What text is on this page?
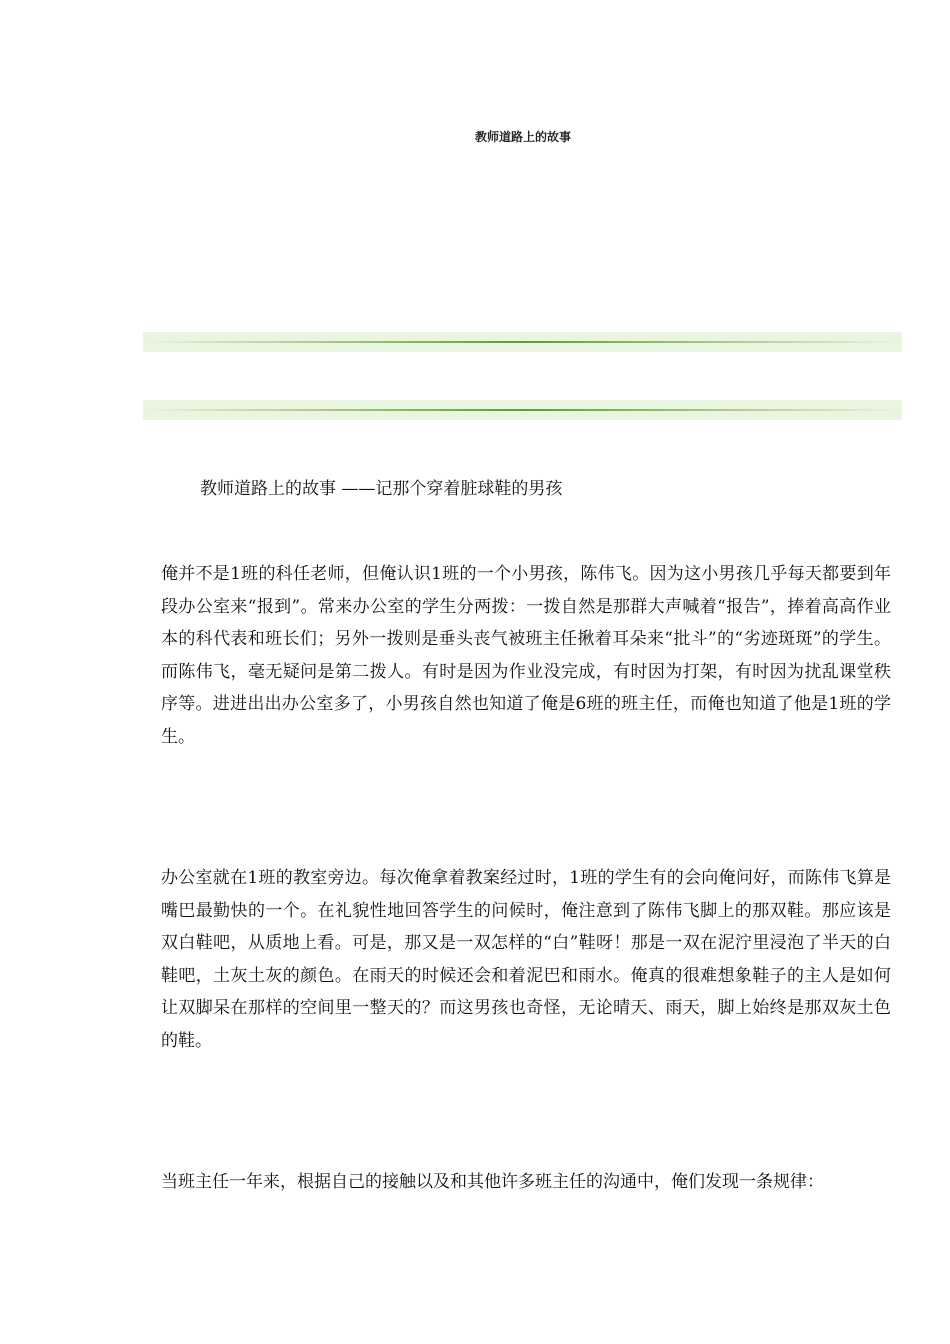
教师道路上的故事
教师道路上的故事 ——记那个穿着脏球鞋的男孩

俺并不是1班的科任老师，但俺认识1班的一个小男孩，陈伟飞。因为这小男孩几乎每天都要到年段办公室来“报到”。常来办公室的学生分两拨：一拨自然是那群大声喊着“报告”，捧着高高作业本的科代表和班长们；另外一拨则是垂头丧气被班主任揪着耳朵来“批斗”的“劣迹斑斑”的学生。而陈伟飞，毫无疑问是第二拨人。有时是因为作业没完成，有时因为打架，有时因为扰乱课堂秩序等。进进出出办公室多了，小男孩自然也知道了俺是6班的班主任，而俺也知道了他是1班的学生。

办公室就在1班的教室旁边。每次俺拿着教案经过时，1班的学生有的会向俺问好，而陈伟飞算是嘴巴最勤快的一个。在礼貌性地回答学生的问候时，俺注意到了陈伟飞脚上的那双鞋。那应该是双白鞋吧，从质地上看。可是，那又是一双怎样的“白”鞋呀！那是一双在泥泞里浸泡了半天的白鞋吧，土灰土灰的颜色。在雨天的时候还会和着泥巴和雨水。俺真的很难想象鞋子的主人是如何让双脚呆在那样的空间里一整天的？而这男孩也奇怪，无论晴天、雨天，脚上始终是那双灰土色的鞋。

当班主任一年来，根据自己的接触以及和其他许多班主任的沟通中，俺们发现一条规律：
